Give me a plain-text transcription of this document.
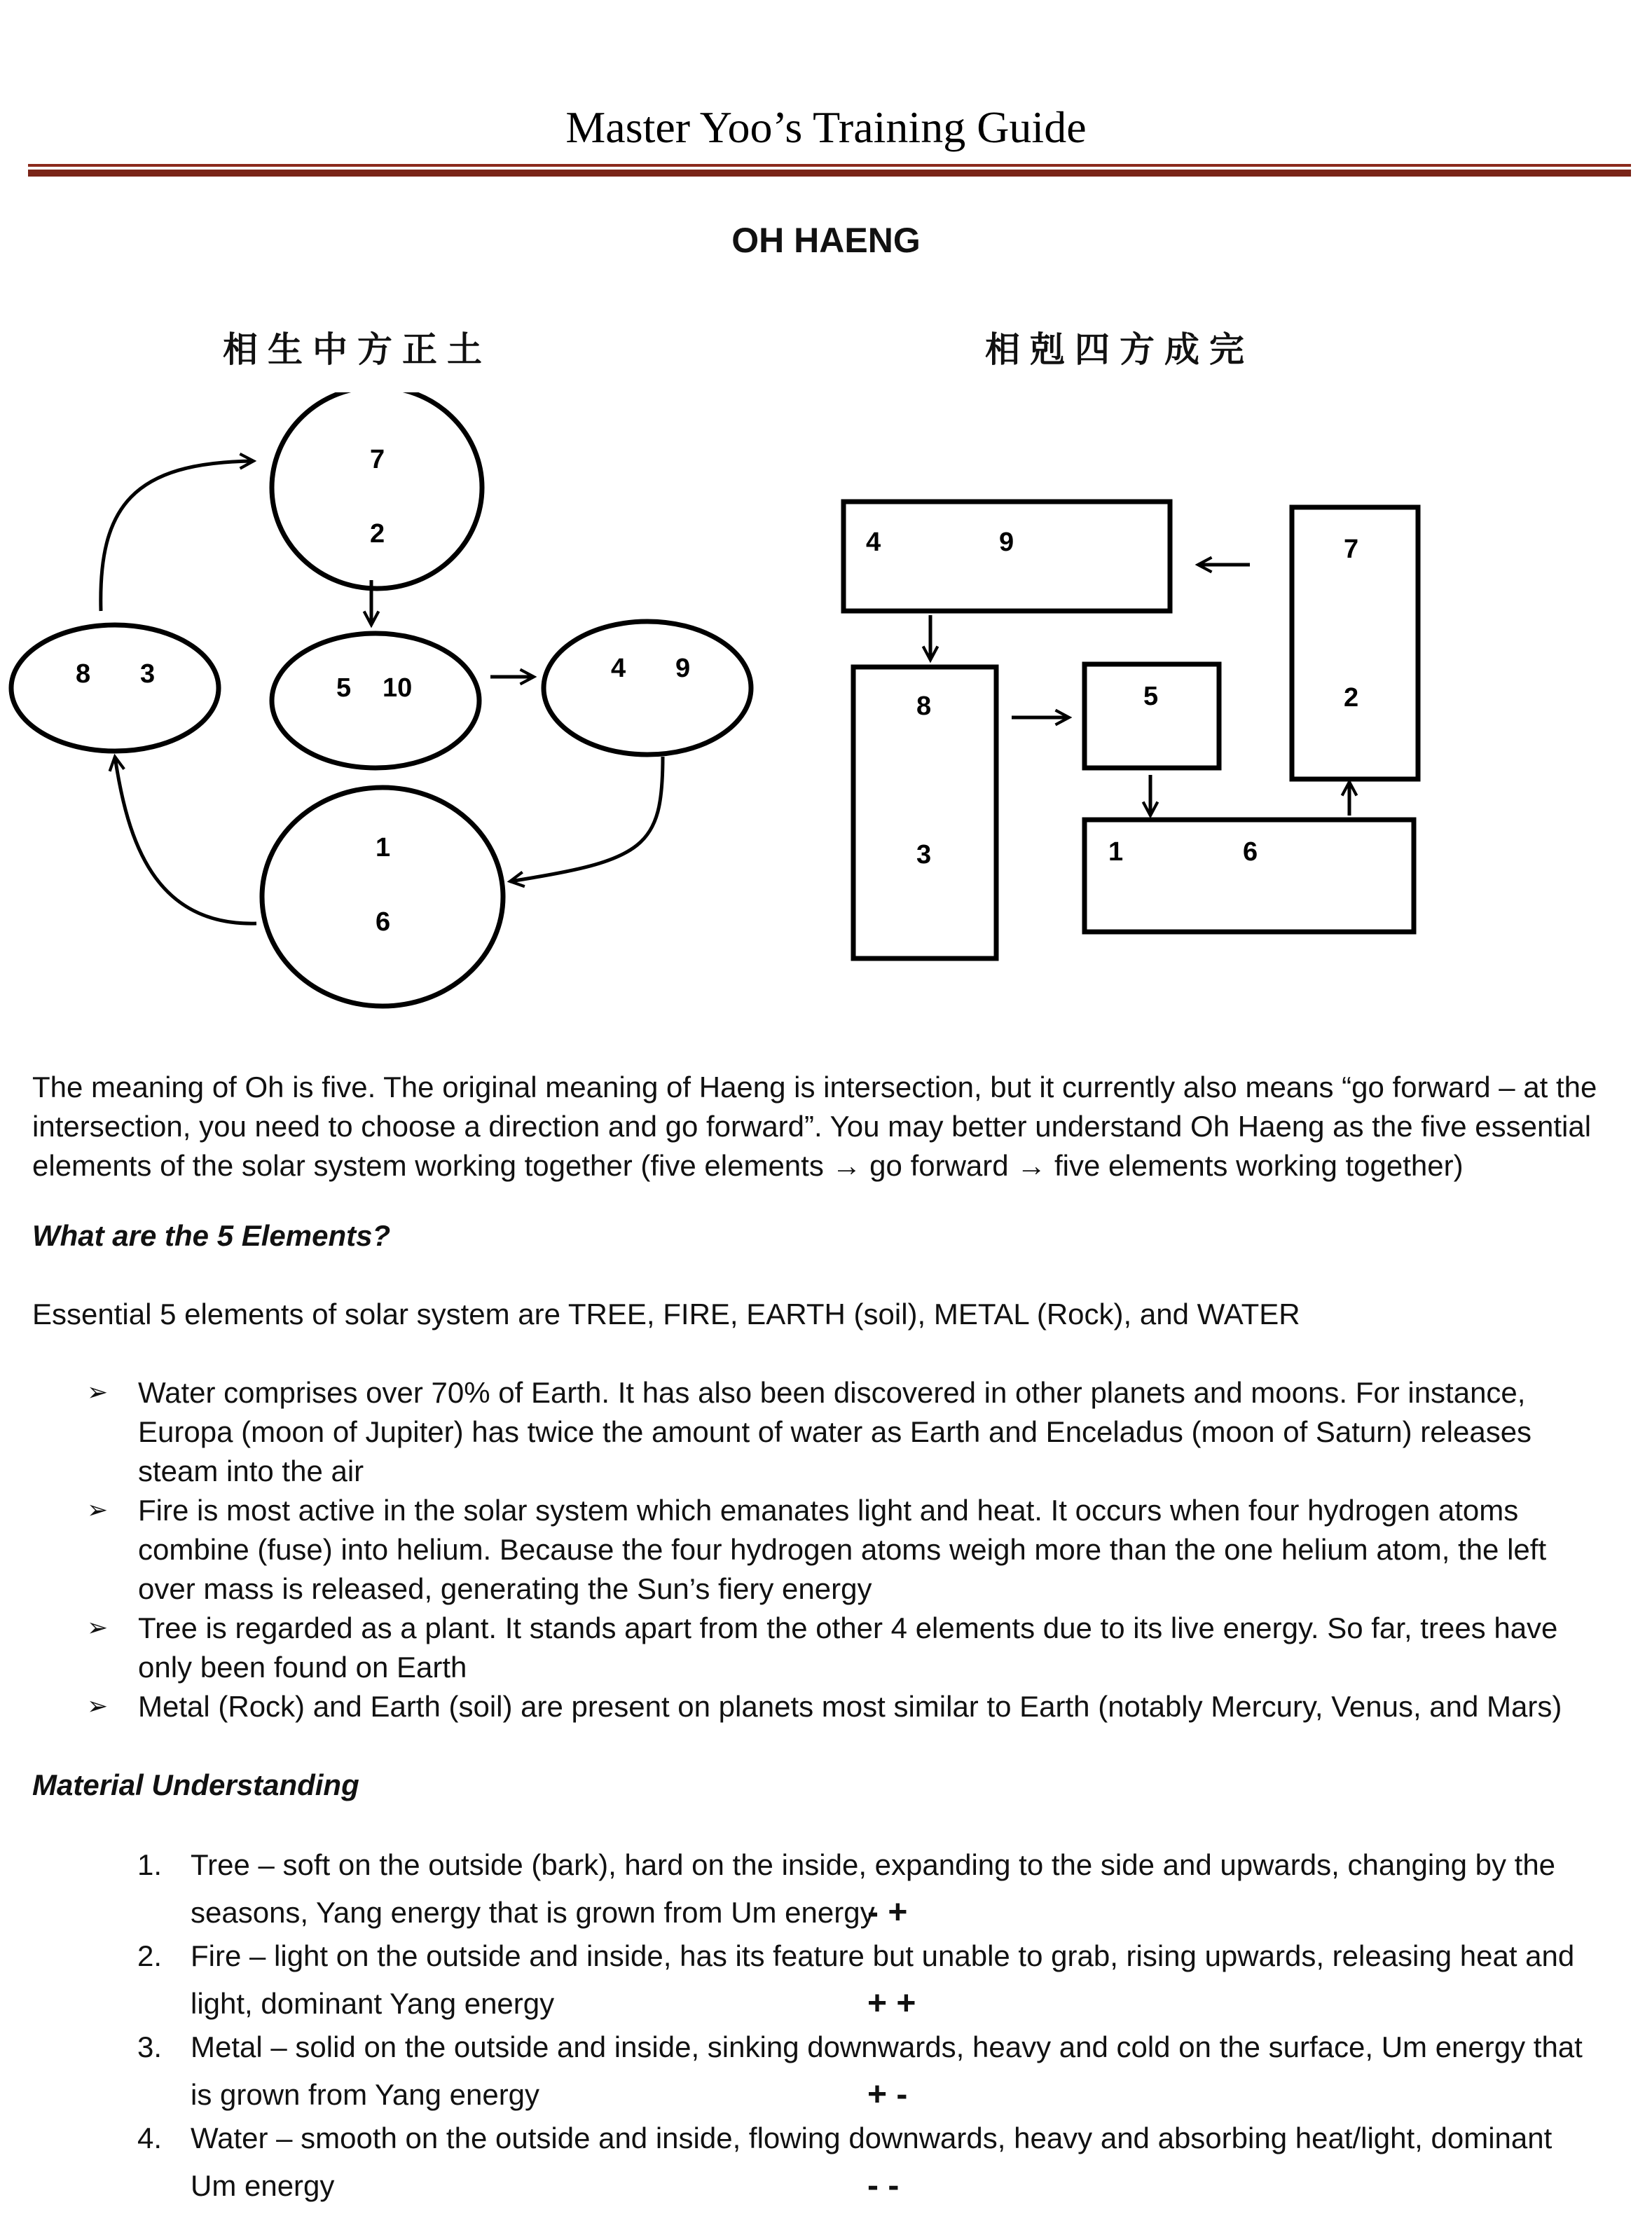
Master Yoo’s Training Guide
OH HAENG
相生中方正土	相剋四方成完
7
2
8 3	5 10
4 9
1
6
4	9	7
2
8
3
5
1	6

The meaning of Oh is five. The original meaning of Haeng is intersection, but it currently also means “go forward – at the
intersection, you need to choose a direction and go forward”. You may better understand Oh Haeng as the five essential
elements of the solar system working together (five elements → go forward → five elements working together)

What are the 5 Elements?

Essential 5 elements of solar system are TREE, FIRE, EARTH (soil), METAL (Rock), and WATER

➢ Water comprises over 70% of Earth. It has also been discovered in other planets and moons. For instance,
Europa (moon of Jupiter) has twice the amount of water as Earth and Enceladus (moon of Saturn) releases
steam into the air
➢ Fire is most active in the solar system which emanates light and heat. It occurs when four hydrogen atoms
combine (fuse) into helium. Because the four hydrogen atoms weigh more than the one helium atom, the left
over mass is released, generating the Sun’s fiery energy
➢ Tree is regarded as a plant. It stands apart from the other 4 elements due to its live energy. So far, trees have
only been found on Earth
➢ Metal (Rock) and Earth (soil) are present on planets most similar to Earth (notably Mercury, Venus, and Mars)

Material Understanding

1. Tree – soft on the outside (bark), hard on the inside, expanding to the side and upwards, changing by the
seasons, Yang energy that is grown from Um energy
- +
2. Fire – light on the outside and inside, has its feature but unable to grab, rising upwards, releasing heat and
light, dominant Yang energy	+ +
3. Metal – solid on the outside and inside, sinking downwards, heavy and cold on the surface, Um energy that
is grown from Yang energy	+ -
4. Water – smooth on the outside and inside, flowing downwards, heavy and absorbing heat/light, dominant
Um energy	- -
